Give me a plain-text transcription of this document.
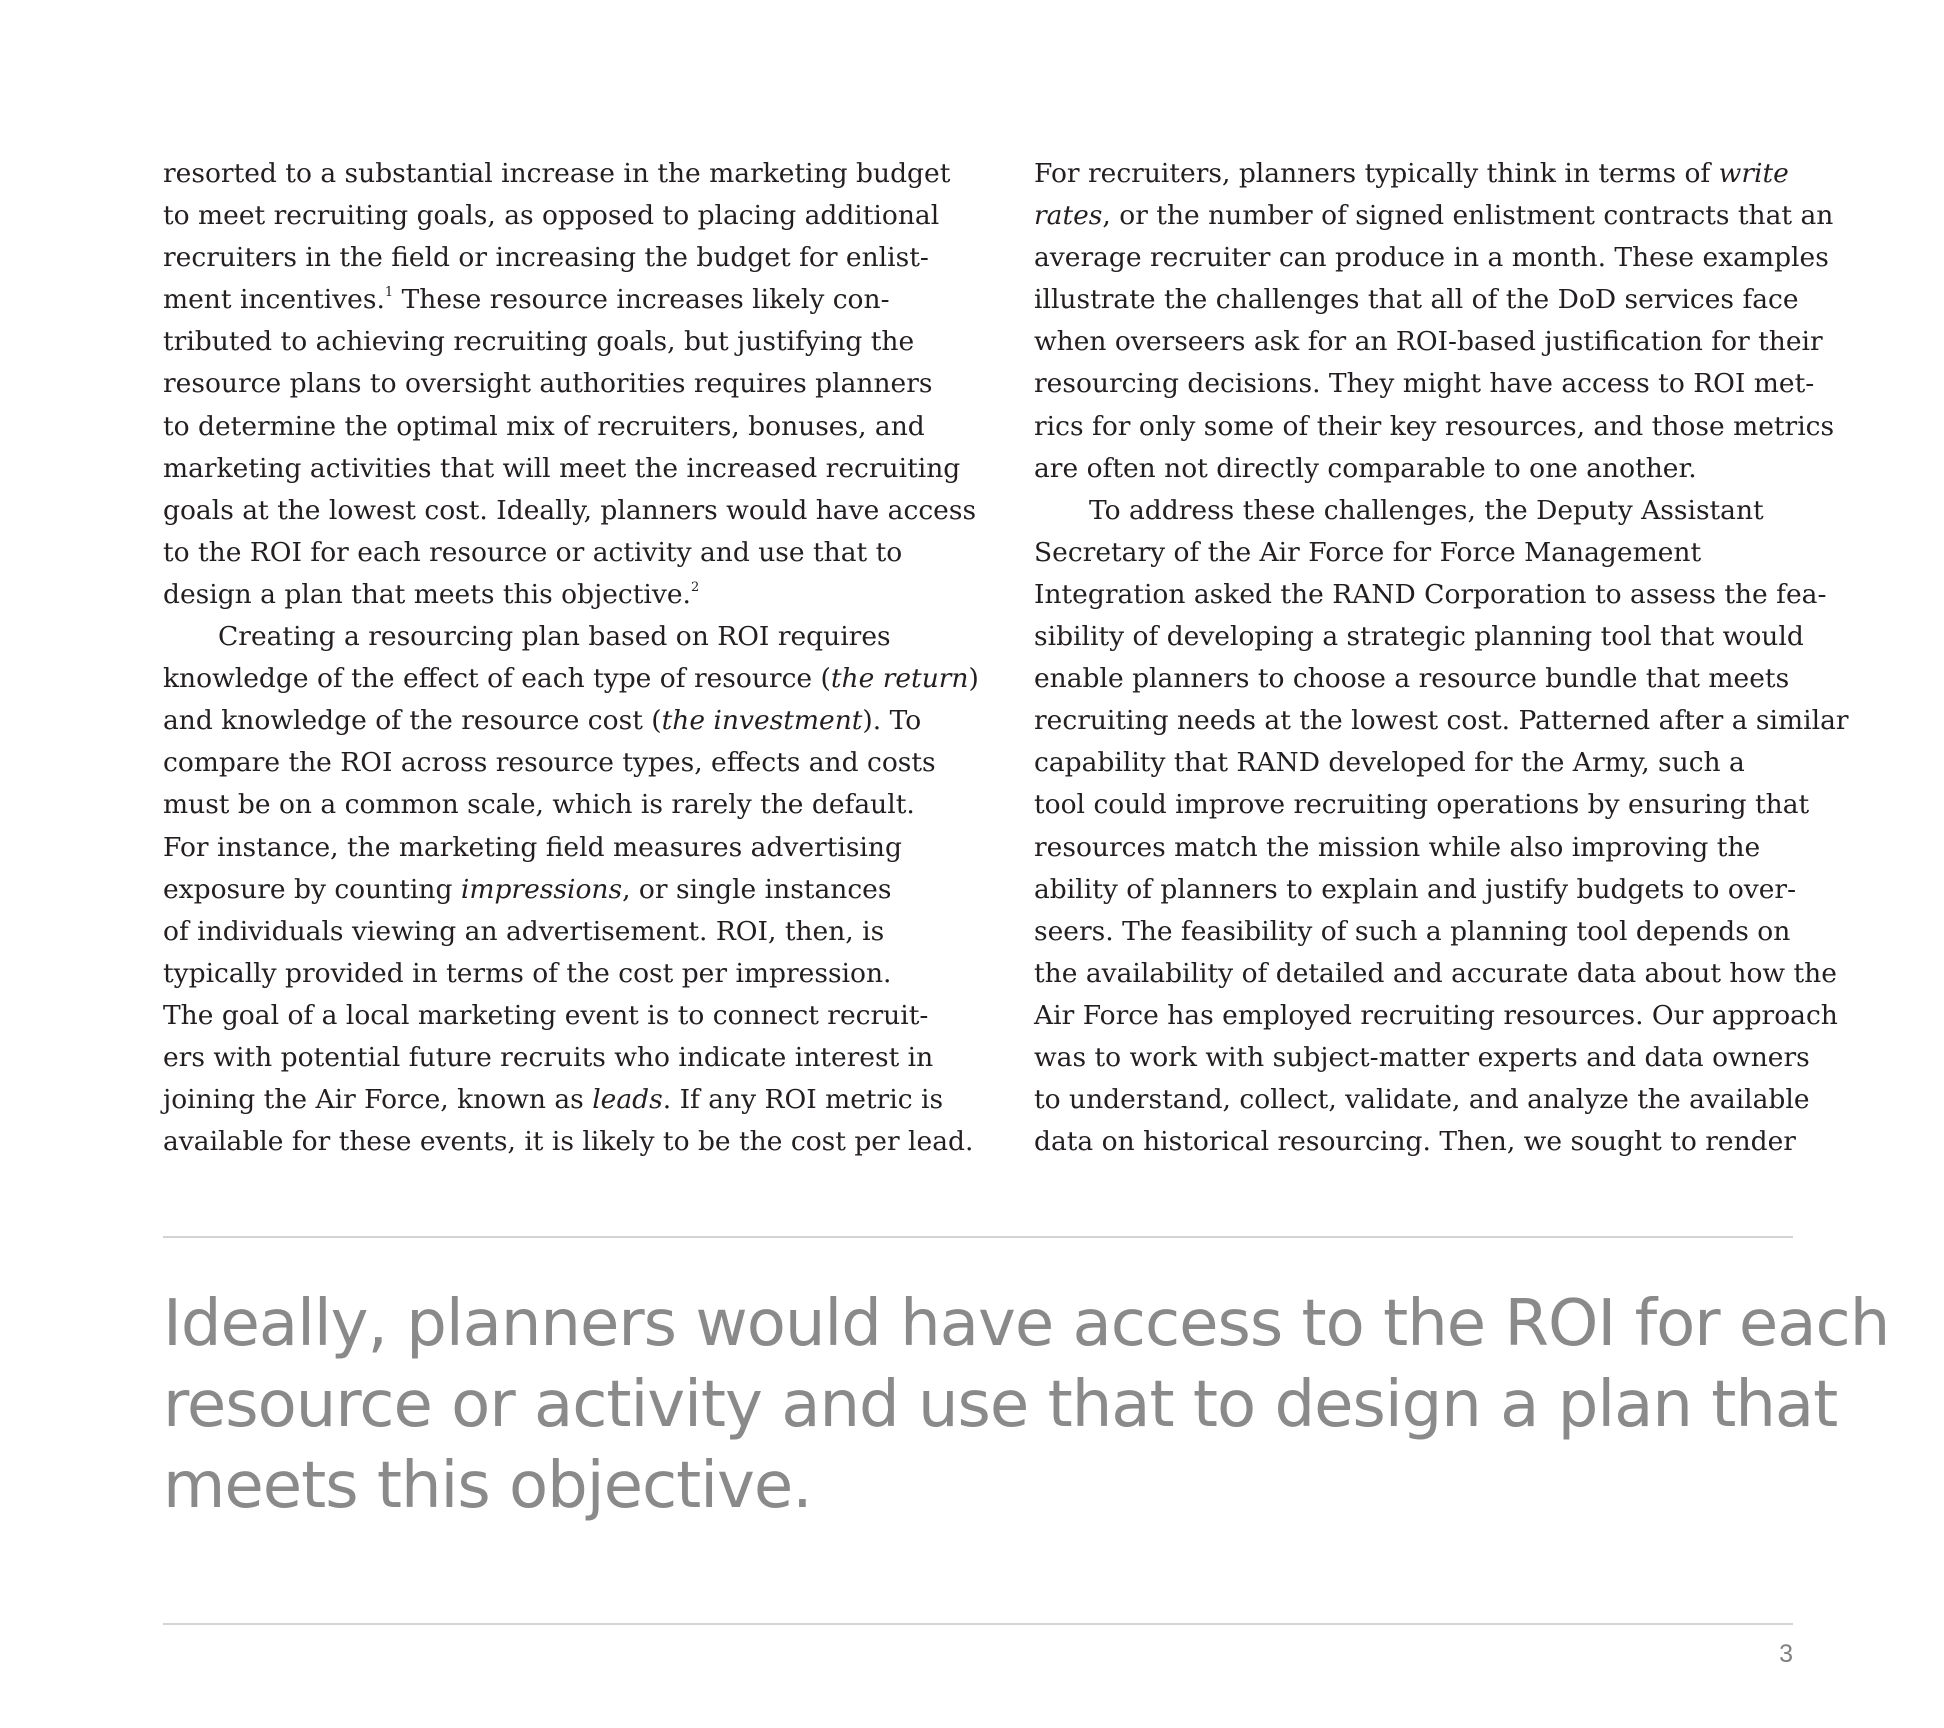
resorted to a substantial increase in the marketing budget
to meet recruiting goals, as opposed to placing additional
recruiters in the field or increasing the budget for enlist-
ment incentives.$^1$ These resource increases likely con-
tributed to achieving recruiting goals, but justifying the
resource plans to oversight authorities requires planners
to determine the optimal mix of recruiters, bonuses, and
marketing activities that will meet the increased recruiting
goals at the lowest cost. Ideally, planners would have access
to the ROI for each resource or activity and use that to
design a plan that meets this objective.$^2$
Creating a resourcing plan based on ROI requires
knowledge of the effect of each type of resource (the return)
and knowledge of the resource cost (the investment). To
compare the ROI across resource types, effects and costs
must be on a common scale, which is rarely the default.
For instance, the marketing field measures advertising
exposure by counting impressions, or single instances
of individuals viewing an advertisement. ROI, then, is
typically provided in terms of the cost per impression.
The goal of a local marketing event is to connect recruit-
ers with potential future recruits who indicate interest in
joining the Air Force, known as leads. If any ROI metric is
available for these events, it is likely to be the cost per lead.
For recruiters, planners typically think in terms of write
rates, or the number of signed enlistment contracts that an
average recruiter can produce in a month. These examples
illustrate the challenges that all of the DoD services face
when overseers ask for an ROI-based justification for their
resourcing decisions. They might have access to ROI met-
rics for only some of their key resources, and those metrics
are often not directly comparable to one another.
To address these challenges, the Deputy Assistant
Secretary of the Air Force for Force Management
Integration asked the RAND Corporation to assess the fea-
sibility of developing a strategic planning tool that would
enable planners to choose a resource bundle that meets
recruiting needs at the lowest cost. Patterned after a similar
capability that RAND developed for the Army, such a
tool could improve recruiting operations by ensuring that
resources match the mission while also improving the
ability of planners to explain and justify budgets to over-
seers. The feasibility of such a planning tool depends on
the availability of detailed and accurate data about how the
Air Force has employed recruiting resources. Our approach
was to work with subject-matter experts and data owners
to understand, collect, validate, and analyze the available
data on historical resourcing. Then, we sought to render
Ideally, planners would have access to the ROI for each
resource or activity and use that to design a plan that
meets this objective.
3
